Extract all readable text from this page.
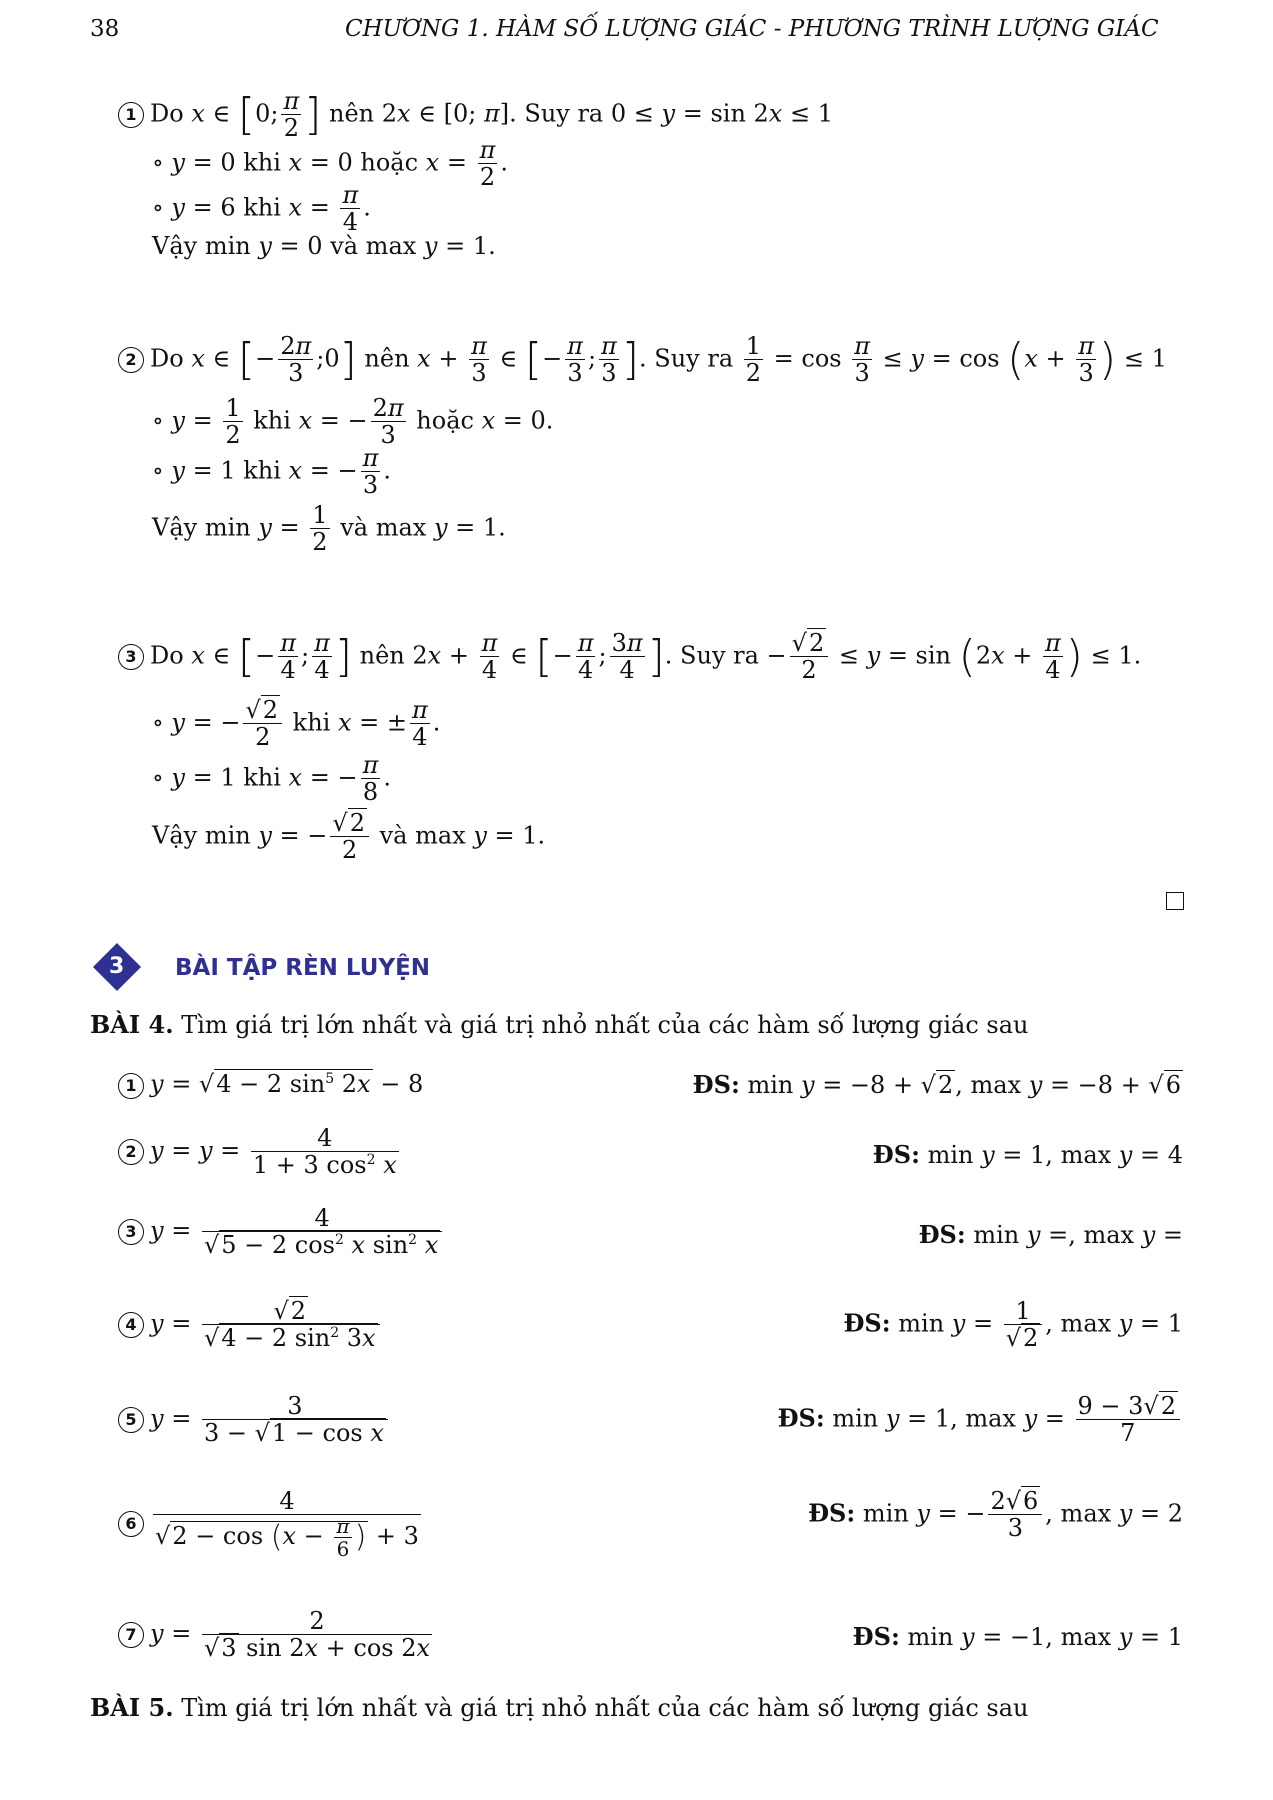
38	CHƯƠNG 1. HÀM SỐ LƯỢNG GIÁC - PHƯƠNG TRÌNH LƯỢNG GIÁC
1 Do x ∈ [0; $\frac{\pi}{2}$ ] nên 2x ∈ [0; π]. Suy ra 0 ≤ y = sin 2x ≤ 1
∘ y = 0 khi x = 0 hoặc $x = \frac{\pi}{2}$ .
∘ y = 6 khi $x = \frac{\pi}{4}$ .
Vậy min y = 0 và max y = 1.
2 Do x ∈ [− $\frac{2\pi}{3}$ ;0] nên $x + \frac{\pi}{3}$ ∈ [− $\frac{\pi}{3}$ ; $\frac{\pi}{3}$ ]. Suy ra $\frac{1}{2} = \cos \frac{\pi}{3} \le y = \cos (x + \frac{\pi}{3}$ ) ≤ 1
∘ $y = \frac{1}{2}$ khi x = − $\frac{2\pi}{3}$ hoặc x = 0.
∘ y = 1 khi x = − $\frac{\pi}{3}$ .
Vậy $\min y = \frac{1}{2}$ và max y = 1.
3 Do x ∈ [− $\frac{\pi}{4}$ ; $\frac{\pi}{4}$ ] nên $2x + \frac{\pi}{4}$ ∈ [− $\frac{\pi}{4}$ ; $\frac{3\pi}{4}$ ]. Suy ra − $\frac{√2}{2} \le y = \sin (2x + \frac{\pi}{4}$ ) ≤ 1.
∘ y = − $\frac{√2}{2}$ khi x = ± $\frac{\pi}{4}$ .
∘ y = 1 khi x = − $\frac{\pi}{8}$ .
Vậy min y = − $\frac{√2}{2}$ và max y = 1.
3 BÀI TẬP RÈN LUYỆN
BÀI 4. Tìm giá trị lớn nhất và giá trị nhỏ nhất của các hàm số lượng giác sau
1 y = √4 − 2 $\sin^5 2x - 8$
2 $y = y = \frac{4}{1 + 3 \cos^2 x}$
3 $y = \frac{4}{√5 - 2 \cos^2 x \sin^2 x}$
4 $y = \frac{√2}{√4 - 2 \sin^2 3x}$
5 $y = \frac{3}{\text{3 − √1 − cos x}}$
$6 \frac{4}{√2 - \cos (x - \frac{\pi}{6} ) + 3}$
7 $y = \frac{2}{√3 \sin 2x + \cos 2x}$
ĐS: min y = −8 + √2, max y = −8 + √6
ĐS: min y = 1, max y = 4
ĐS: min y =, max y =
ĐS: $\min y = \frac{1}{√2}$ , max y = 1
ĐS: min y = 1, $\max y = \frac{9 - 3√2}{7}$
ĐS: min y = − $\frac{2√6}{3}$ , max y = 2
ĐS: min y = −1, max y = 1
BÀI 5. Tìm giá trị lớn nhất và giá trị nhỏ nhất của các hàm số lượng giác sau
